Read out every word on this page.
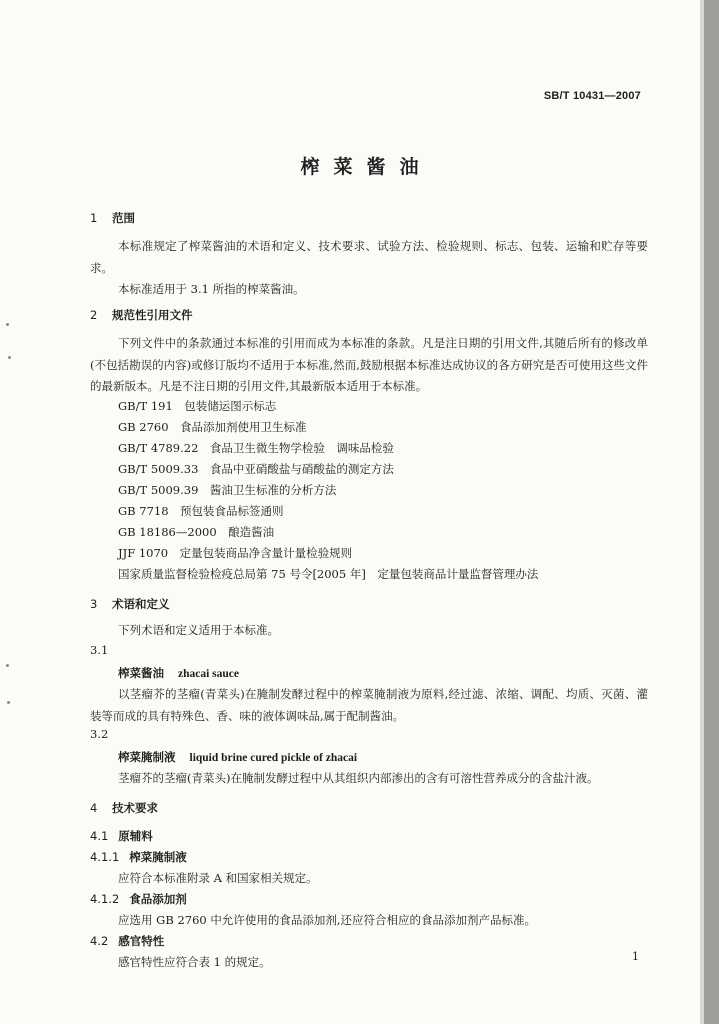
SB/T 10431—2007
榨菜酱油
1 范围
本标准规定了榨菜酱油的术语和定义、技术要求、试验方法、检验规则、标志、包装、运输和贮存等要求。
本标准适用于 3.1 所指的榨菜酱油。
2 规范性引用文件
下列文件中的条款通过本标准的引用而成为本标准的条款。凡是注日期的引用文件,其随后所有的修改单(不包括勘误的内容)或修订版均不适用于本标准,然而,鼓励根据本标准达成协议的各方研究是否可使用这些文件的最新版本。凡是不注日期的引用文件,其最新版本适用于本标准。
GB/T 191　包装储运图示标志
GB 2760　食品添加剂使用卫生标准
GB/T 4789.22　食品卫生微生物学检验　调味品检验
GB/T 5009.33　食品中亚硝酸盐与硝酸盐的测定方法
GB/T 5009.39　酱油卫生标准的分析方法
GB 7718　预包装食品标签通则
GB 18186—2000　酿造酱油
JJF 1070　定量包装商品净含量计量检验规则
国家质量监督检验检疫总局第 75 号令[2005 年]　定量包装商品计量监督管理办法
3 术语和定义
下列术语和定义适用于本标准。
3.1
榨菜酱油 zhacai sauce
以茎瘤芥的茎瘤(青菜头)在腌制发酵过程中的榨菜腌制液为原料,经过滤、浓缩、调配、均质、灭菌、灌装等而成的具有特殊色、香、味的液体调味品,属于配制酱油。
3.2
榨菜腌制液 liquid brine cured pickle of zhacai
茎瘤芥的茎瘤(青菜头)在腌制发酵过程中从其组织内部渗出的含有可溶性营养成分的含盐汁液。
4 技术要求
4.1 原辅料
4.1.1 榨菜腌制液
应符合本标准附录 A 和国家相关规定。
4.1.2 食品添加剂
应选用 GB 2760 中允许使用的食品添加剂,还应符合相应的食品添加剂产品标准。
4.2 感官特性
感官特性应符合表 1 的规定。	1
